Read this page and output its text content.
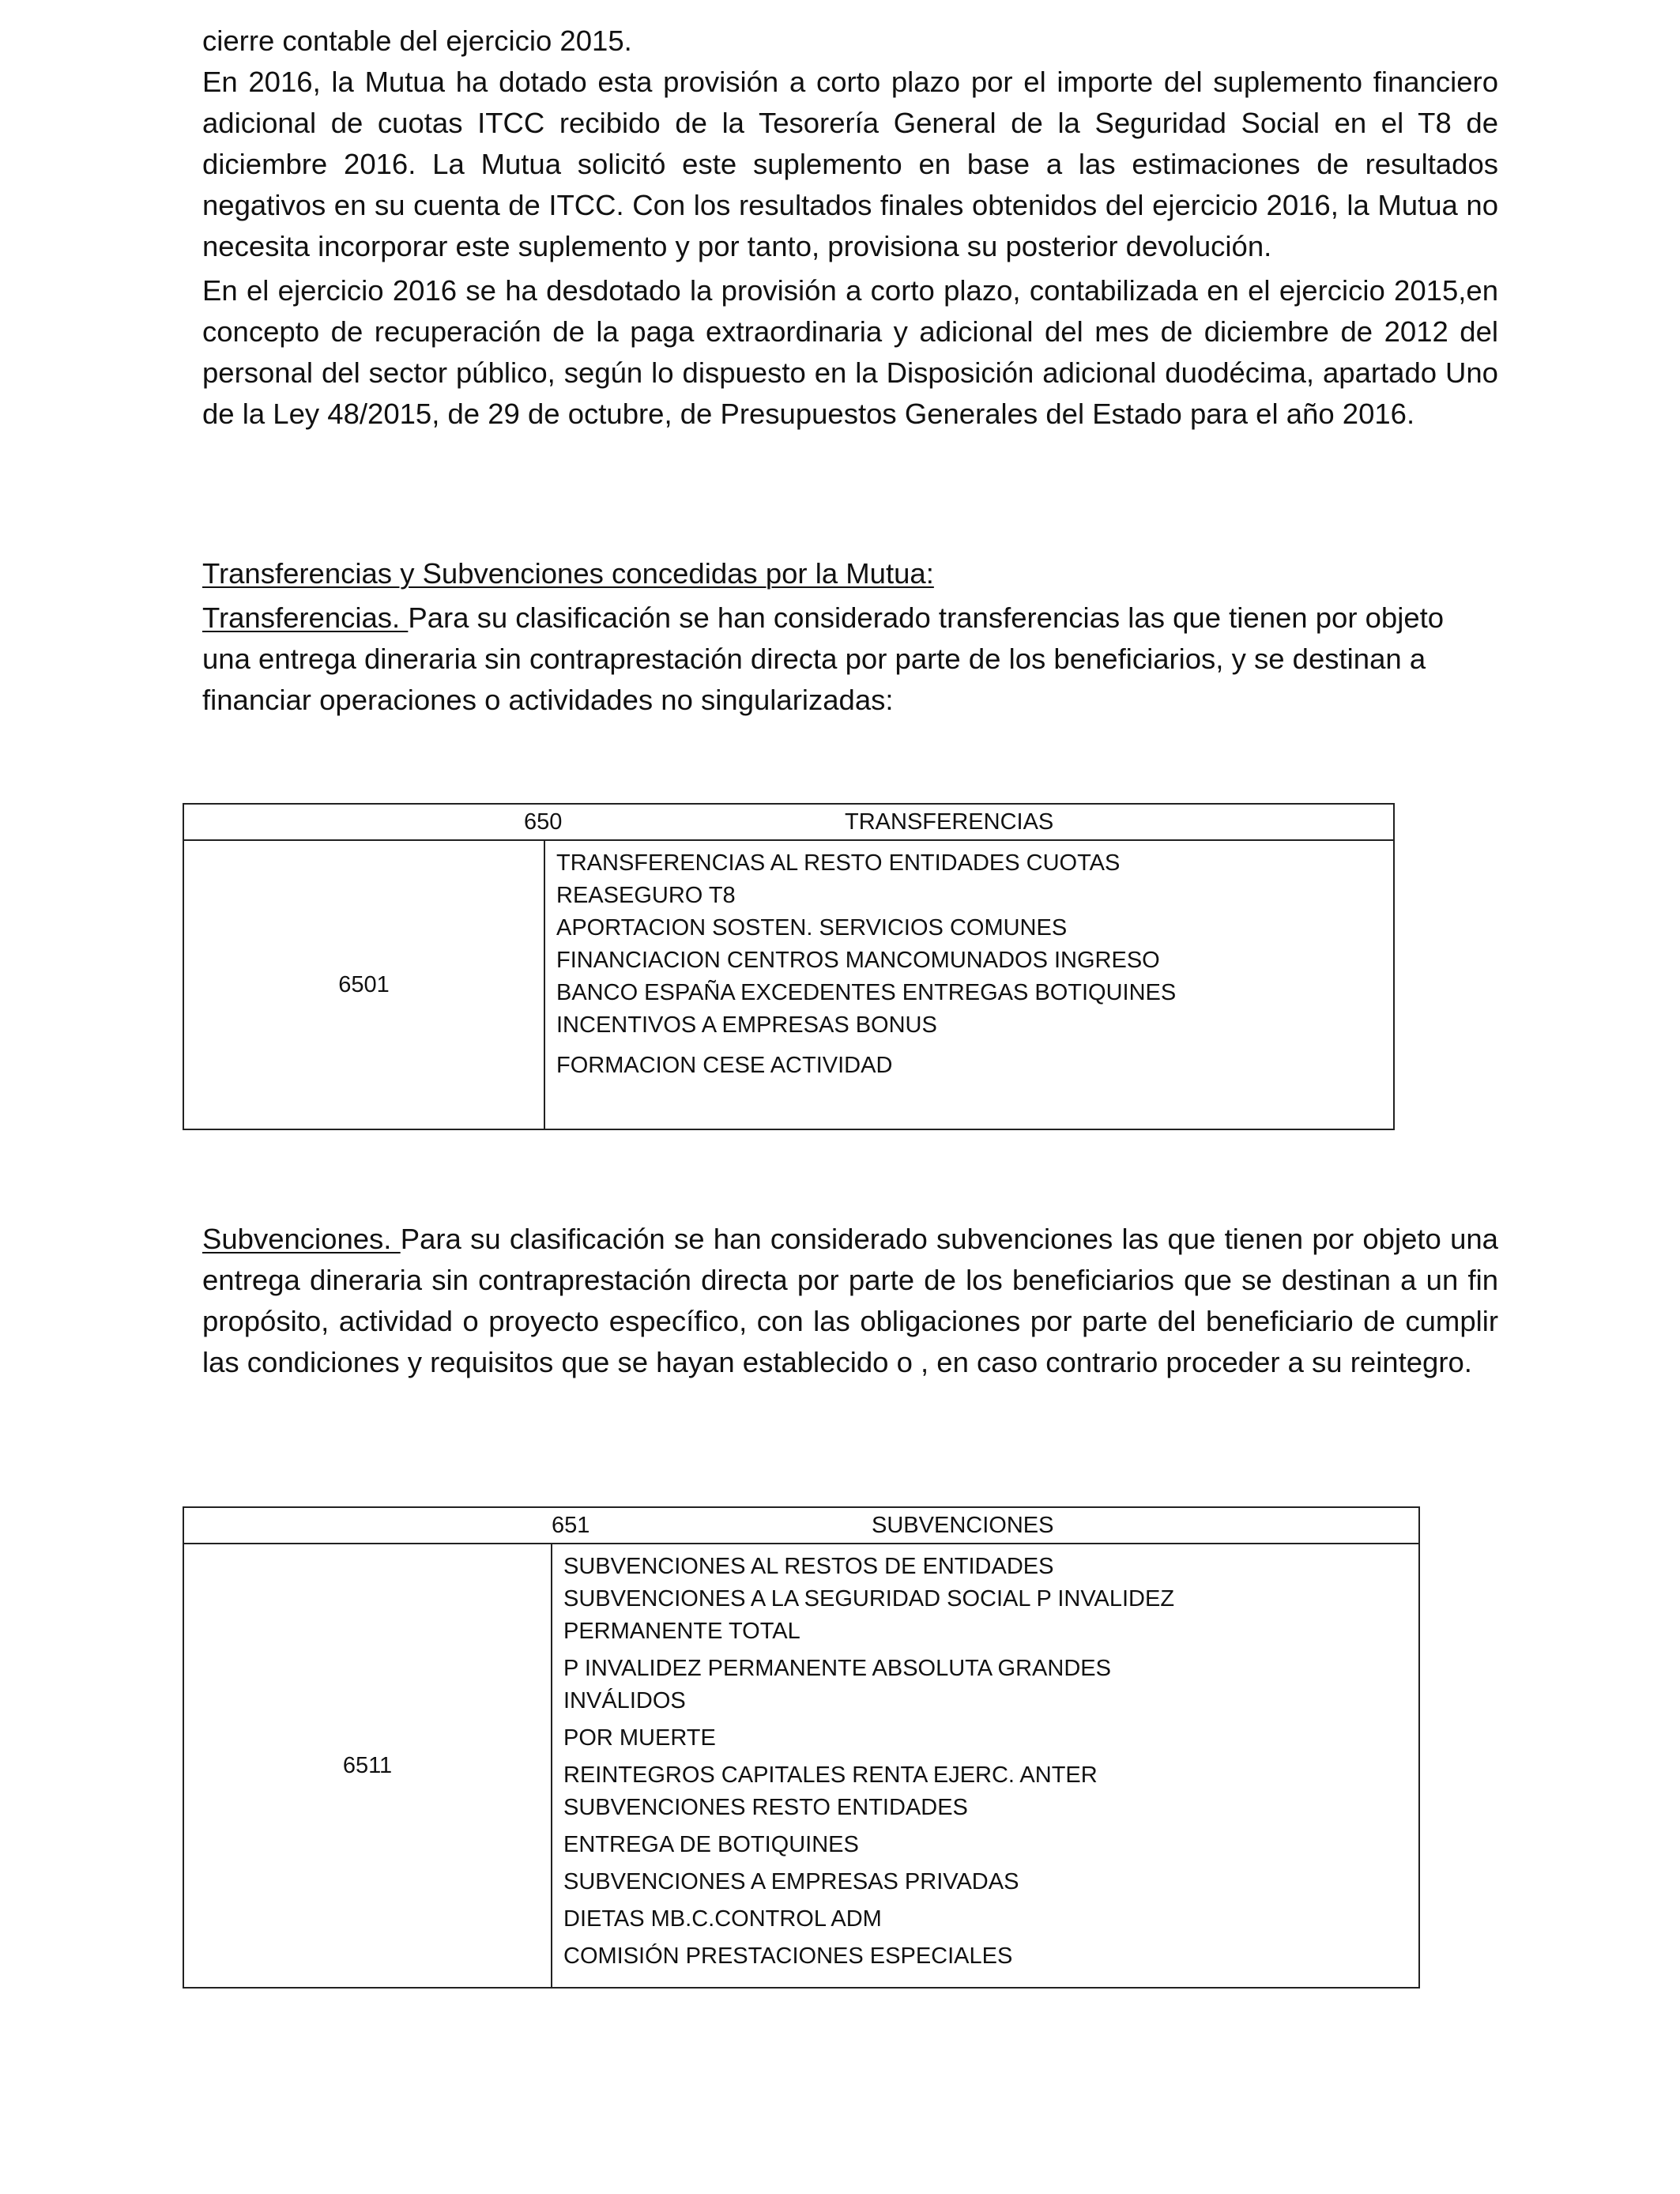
cierre contable del ejercicio 2015.

En 2016, la Mutua ha dotado esta provisión a corto plazo por el importe del suplemento financiero adicional de cuotas ITCC recibido de la Tesorería General de la Seguridad Social en el T8 de diciembre 2016. La Mutua solicitó este suplemento en base a las estimaciones de resultados negativos en su cuenta de ITCC. Con los resultados finales obtenidos del ejercicio 2016, la Mutua no necesita incorporar este suplemento y por tanto, provisiona su posterior devolución.

En el ejercicio 2016 se ha desdotado la provisión a corto plazo, contabilizada en el ejercicio 2015,en concepto de recuperación de la paga extraordinaria y adicional del mes de diciembre de 2012 del personal del sector público, según lo dispuesto en la Disposición adicional duodécima, apartado Uno de la Ley 48/2015, de 29 de octubre, de Presupuestos Generales del Estado para el año 2016.

Transferencias y Subvenciones concedidas por la Mutua:

Transferencias. Para su clasificación se han considerado transferencias las que tienen por objeto una entrega dineraria sin contraprestación directa por parte de los beneficiarios, y se destinan a financiar operaciones o actividades no singularizadas:

650	TRANSFERENCIAS

6501	
TRANSFERENCIAS AL RESTO ENTIDADES CUOTAS
REASEGURO T8
APORTACION SOSTEN. SERVICIOS COMUNES
FINANCIACION CENTROS MANCOMUNADOS INGRESO
BANCO ESPAÑA EXCEDENTES ENTREGAS BOTIQUINES
INCENTIVOS A EMPRESAS BONUS
FORMACION CESE ACTIVIDAD

Subvenciones. Para su clasificación se han considerado subvenciones las que tienen por objeto una entrega dineraria sin contraprestación directa por parte de los beneficiarios que se destinan a un fin propósito, actividad o proyecto específico, con las obligaciones por parte del beneficiario de cumplir las condiciones y requisitos que se hayan establecido o , en caso contrario proceder a su reintegro.

651	SUBVENCIONES

6511	
SUBVENCIONES AL RESTOS DE ENTIDADES
SUBVENCIONES A LA SEGURIDAD SOCIAL P INVALIDEZ
PERMANENTE TOTAL
P INVALIDEZ PERMANENTE ABSOLUTA GRANDES
INVÁLIDOS
POR MUERTE
REINTEGROS CAPITALES RENTA EJERC. ANTER
SUBVENCIONES RESTO ENTIDADES
ENTREGA DE BOTIQUINES
SUBVENCIONES A EMPRESAS PRIVADAS
DIETAS MB.C.CONTROL ADM
COMISIÓN PRESTACIONES ESPECIALES
